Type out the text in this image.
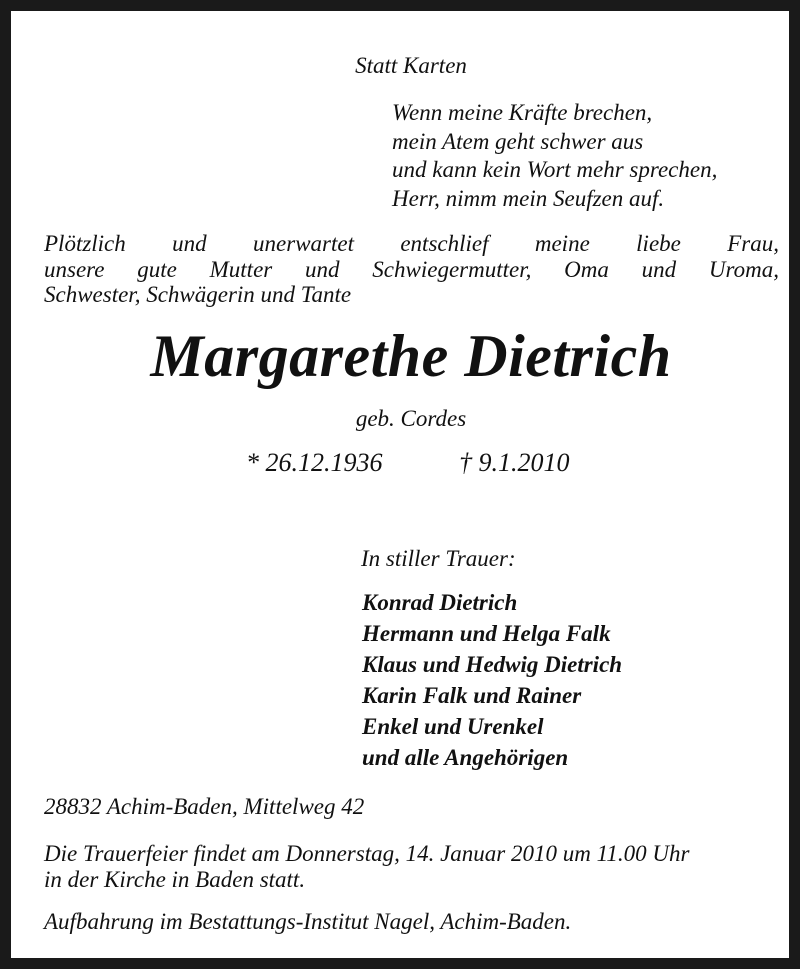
Statt Karten
Wenn meine Kräfte brechen,
mein Atem geht schwer aus
und kann kein Wort mehr sprechen,
Herr, nimm mein Seufzen auf.
Plötzlich und unerwartet entschlief meine liebe Frau,
unsere gute Mutter und Schwiegermutter, Oma und Uroma,
Schwester, Schwägerin und Tante
Margarethe Dietrich
geb. Cordes
* 26.12.1936	† 9.1.2010
In stiller Trauer:
Konrad Dietrich
Hermann und Helga Falk
Klaus und Hedwig Dietrich
Karin Falk und Rainer
Enkel und Urenkel
und alle Angehörigen
28832 Achim-Baden, Mittelweg 42
Die Trauerfeier findet am Donnerstag, 14. Januar 2010 um 11.00 Uhr
in der Kirche in Baden statt.
Aufbahrung im Bestattungs-Institut Nagel, Achim-Baden.
